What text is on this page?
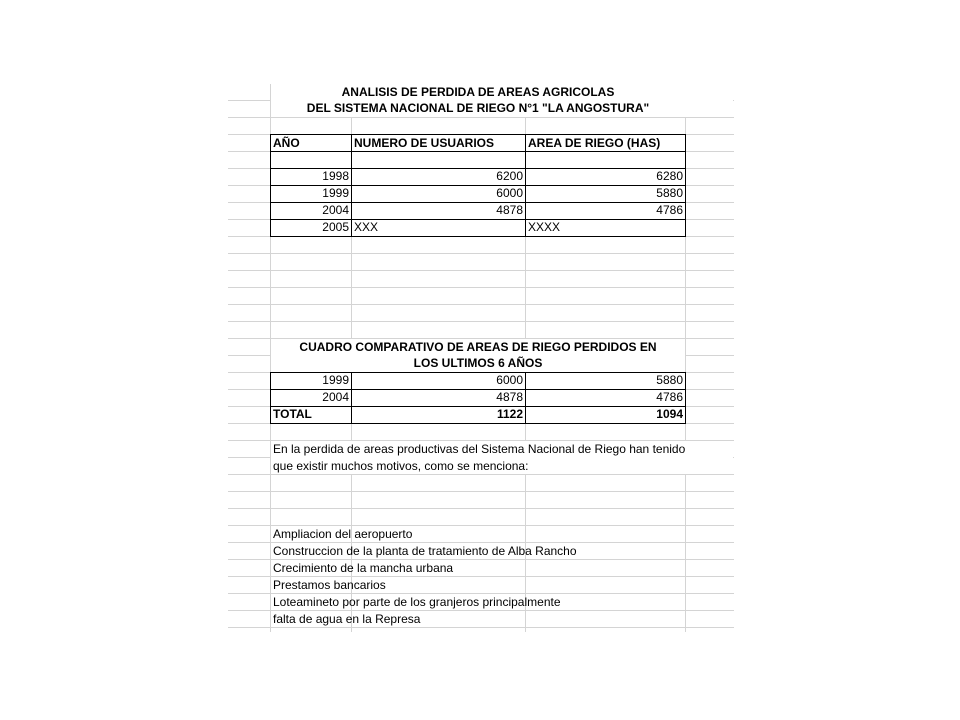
ANALISIS DE PERDIDA DE AREAS AGRICOLAS
DEL SISTEMA NACIONAL DE RIEGO N°1 "LA ANGOSTURA"
AÑO	NUMERO DE USUARIOS	AREA DE RIEGO (HAS)
1998	6200	6280
1999	6000	5880
2004	4878	4786
2005 XXX	XXXX
CUADRO COMPARATIVO DE AREAS DE RIEGO PERDIDOS EN
LOS ULTIMOS 6 AÑOS
1999	6000	5880
2004	4878	4786
TOTAL	1122	1094
En la perdida de areas productivas del Sistema Nacional de Riego han tenido
que existir muchos motivos, como se menciona:
Ampliacion del aeropuerto
Construccion de la planta de tratamiento de Alba Rancho
Crecimiento de la mancha urbana
Prestamos bancarios
Loteamineto por parte de los granjeros principalmente
falta de agua en la Represa
